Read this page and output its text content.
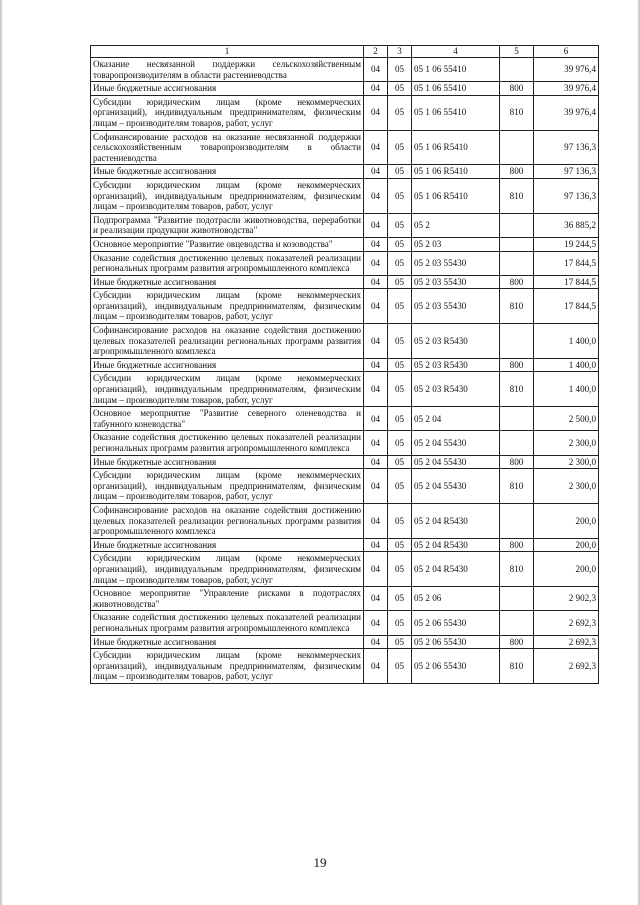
1	2	3	4	5	6
Оказание несвязанной поддержки сельскохозяйственным товаропроизводителям в области растениеводства	04	05	05 1 06 55410		39 976,4
Иные бюджетные ассигнования	04	05	05 1 06 55410	800	39 976,4
Субсидии юридическим лицам (кроме некоммерческих организаций), индивидуальным предпринимателям, физическим лицам – производителям товаров, работ, услуг	04	05	05 1 06 55410	810	39 976,4
Софинансирование расходов на оказание несвязанной поддержки сельскохозяйственным товаропроизводителям в области растениеводства	04	05	05 1 06 R5410		97 136,3
Иные бюджетные ассигнования	04	05	05 1 06 R5410	800	97 136,3
Субсидии юридическим лицам (кроме некоммерческих организаций), индивидуальным предпринимателям, физическим лицам – производителям товаров, работ, услуг	04	05	05 1 06 R5410	810	97 136,3
Подпрограмма "Развитие подотрасли животноводства, переработки и реализации продукции животноводства"	04	05	05 2		36 885,2
Основное мероприятие "Развитие овцеводства и козоводства"	04	05	05 2 03		19 244,5
Оказание содействия достижению целевых показателей реализации региональных программ развития агропромышленного комплекса	04	05	05 2 03 55430		17 844,5
Иные бюджетные ассигнования	04	05	05 2 03 55430	800	17 844,5
Субсидии юридическим лицам (кроме некоммерческих организаций), индивидуальным предпринимателям, физическим лицам – производителям товаров, работ, услуг	04	05	05 2 03 55430	810	17 844,5
Софинансирование расходов на оказание содействия достижению целевых показателей реализации региональных программ развития агропромышленного комплекса	04	05	05 2 03 R5430		1 400,0
Иные бюджетные ассигнования	04	05	05 2 03 R5430	800	1 400,0
Субсидии юридическим лицам (кроме некоммерческих организаций), индивидуальным предпринимателям, физическим лицам – производителям товаров, работ, услуг	04	05	05 2 03 R5430	810	1 400,0
Основное мероприятие "Развитие северного оленеводства и табунного коневодства"	04	05	05 2 04		2 500,0
Оказание содействия достижению целевых показателей реализации региональных программ развития агропромышленного комплекса	04	05	05 2 04 55430		2 300,0
Иные бюджетные ассигнования	04	05	05 2 04 55430	800	2 300,0
Субсидии юридическим лицам (кроме некоммерческих организаций), индивидуальным предпринимателям, физическим лицам – производителям товаров, работ, услуг	04	05	05 2 04 55430	810	2 300,0
Софинансирование расходов на оказание содействия достижению целевых показателей реализации региональных программ развития агропромышленного комплекса	04	05	05 2 04 R5430		200,0
Иные бюджетные ассигнования	04	05	05 2 04 R5430	800	200,0
Субсидии юридическим лицам (кроме некоммерческих организаций), индивидуальным предпринимателям, физическим лицам – производителям товаров, работ, услуг	04	05	05 2 04 R5430	810	200,0
Основное мероприятие "Управление рисками в подотраслях животноводства"	04	05	05 2 06		2 902,3
Оказание содействия достижению целевых показателей реализации региональных программ развития агропромышленного комплекса	04	05	05 2 06 55430		2 692,3
Иные бюджетные ассигнования	04	05	05 2 06 55430	800	2 692,3
Субсидии юридическим лицам (кроме некоммерческих организаций), индивидуальным предпринимателям, физическим лицам – производителям товаров, работ, услуг	04	05	05 2 06 55430	810	2 692,3
19
